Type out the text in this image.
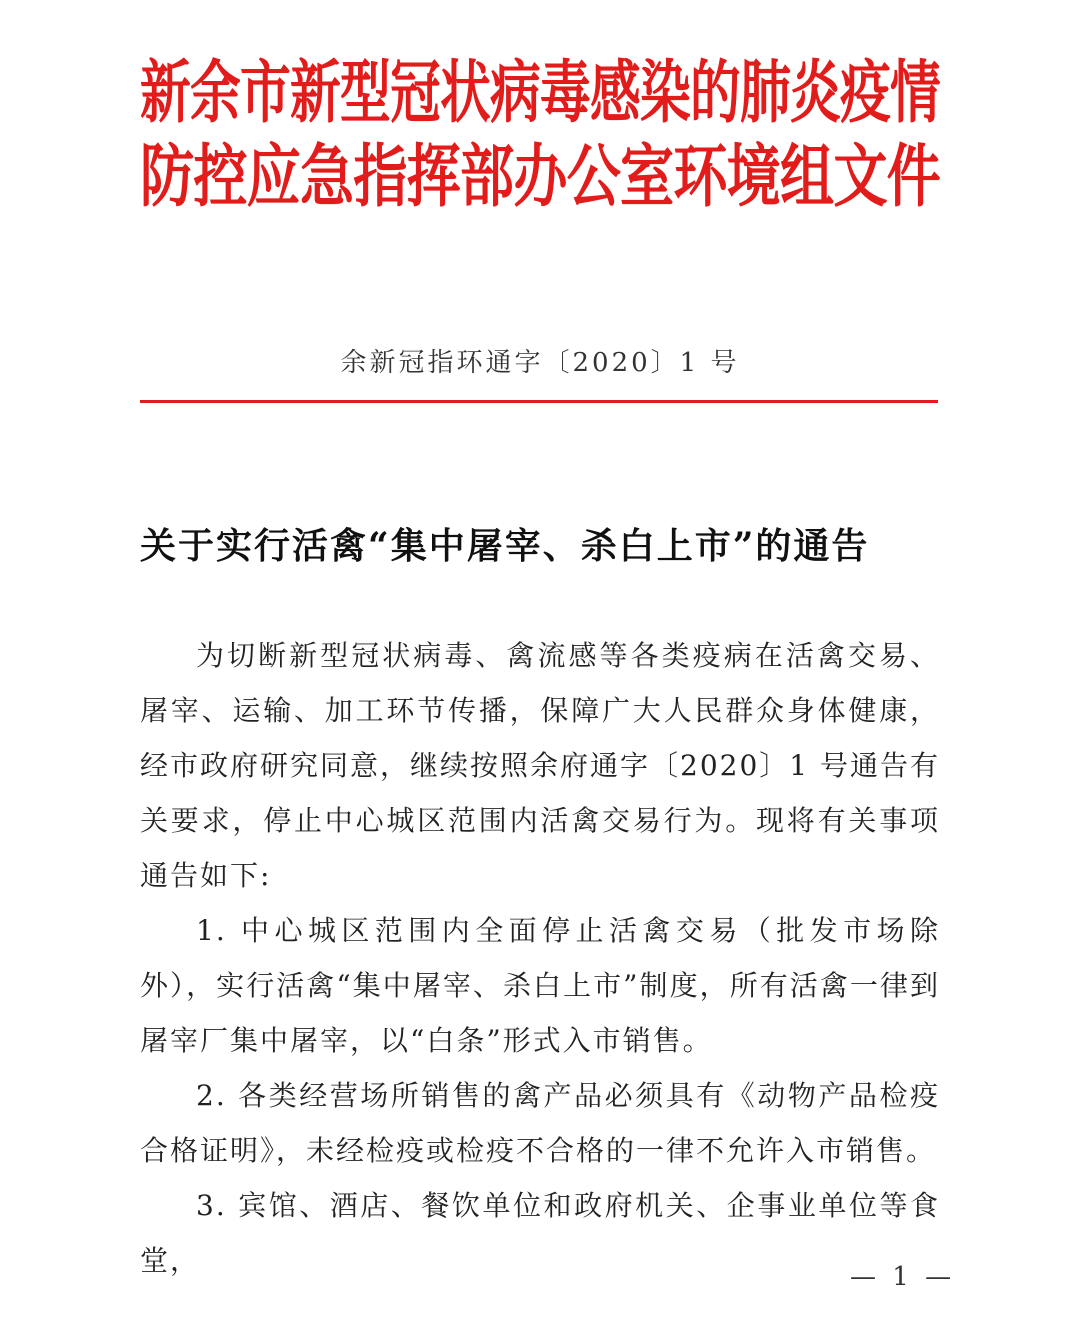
新余市新型冠状病毒感染的肺炎疫情
防控应急指挥部办公室环境组文件
余新冠指环通字〔2020〕1 号
关于实行活禽“集中屠宰、杀白上市”的通告

为切断新型冠状病毒、禽流感等各类疫病在活禽交易、屠宰、运输、加工环节传播，保障广大人民群众身体健康，经市政府研究同意，继续按照余府通字〔2020〕1 号通告有关要求，停止中心城区范围内活禽交易行为。现将有关事项通告如下:

1. 中心城区范围内全面停止活禽交易（批发市场除外），实行活禽“集中屠宰、杀白上市”制度，所有活禽一律到屠宰厂集中屠宰，以“白条”形式入市销售。

2. 各类经营场所销售的禽产品必须具有《动物产品检疫合格证明》，未经检疫或检疫不合格的一律不允许入市销售。

3. 宾馆、酒店、餐饮单位和政府机关、企事业单位等食堂，	— 1 —
